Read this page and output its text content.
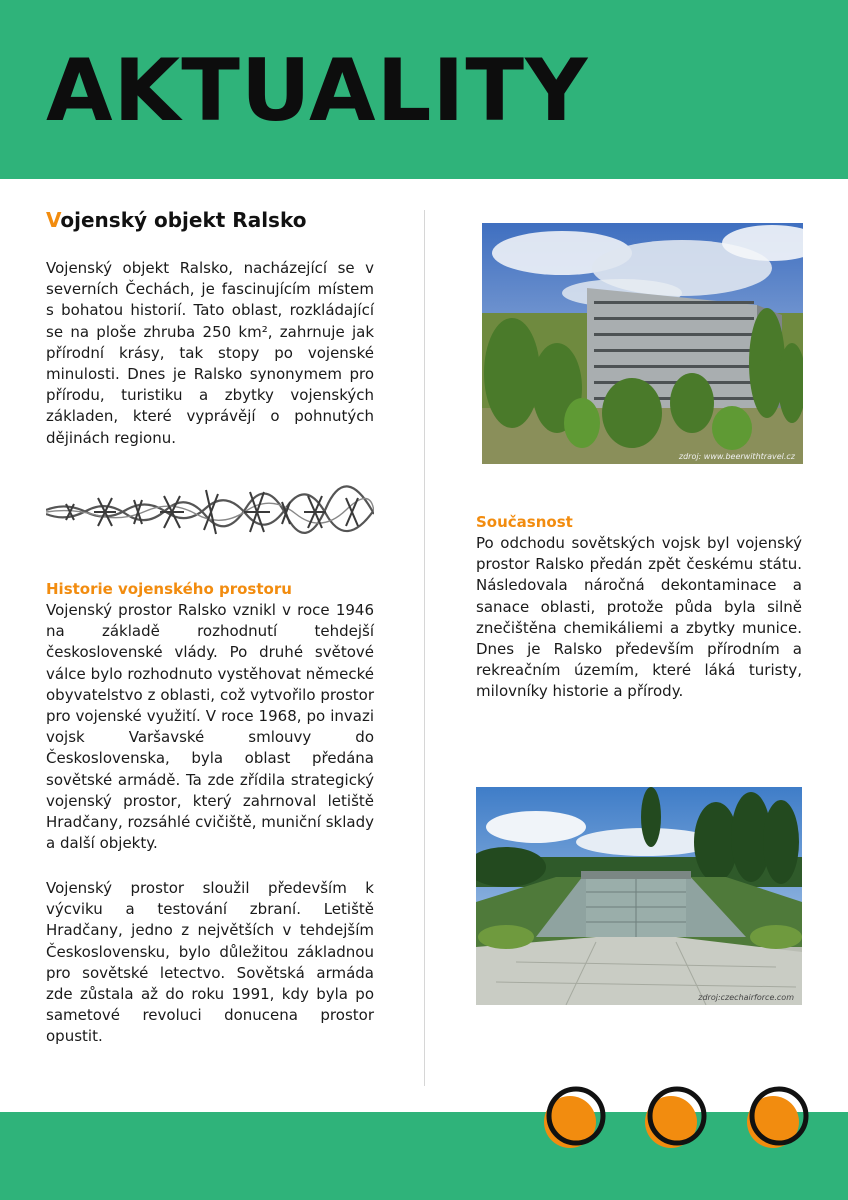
AKTUALITY
Vojenský objekt Ralsko

Vojenský objekt Ralsko, nacházející se v severních Čechách, je fascinujícím místem s bohatou historií. Tato oblast, rozkládající se na ploše zhruba 250 km², zahrnuje jak přírodní krásy, tak stopy po vojenské minulosti. Dnes je Ralsko synonymem pro přírodu, turistiku a zbytky vojenských základen, které vyprávějí o pohnutých dějinách regionu.

Historie vojenského prostoru

Vojenský prostor Ralsko vznikl v roce 1946 na základě rozhodnutí tehdejší československé vlády. Po druhé světové válce bylo rozhodnuto vystěhovat německé obyvatelstvo z oblasti, což vytvořilo prostor pro vojenské využití. V roce 1968, po invazi vojsk Varšavské smlouvy do Československa, byla oblast předána sovětské armádě. Ta zde zřídila strategický vojenský prostor, který zahrnoval letiště Hradčany, rozsáhlé cvičiště, muniční sklady a další objekty.

Vojenský prostor sloužil především k výcviku a testování zbraní. Letiště Hradčany, jedno z největších v tehdejším Československu, bylo důležitou základnou pro sovětské letectvo. Sovětská armáda zde zůstala až do roku 1991, kdy byla po sametové revoluci donucena prostor opustit.

zdroj: www.beerwithtravel.cz
Současnost

Po odchodu sovětských vojsk byl vojenský prostor Ralsko předán zpět českému státu. Následovala náročná dekontaminace a sanace oblasti, protože půda byla silně znečištěna chemikáliemi a zbytky munice. Dnes je Ralsko především přírodním a rekreačním územím, které láká turisty, milovníky historie a přírody.

zdroj:czechairforce.com
